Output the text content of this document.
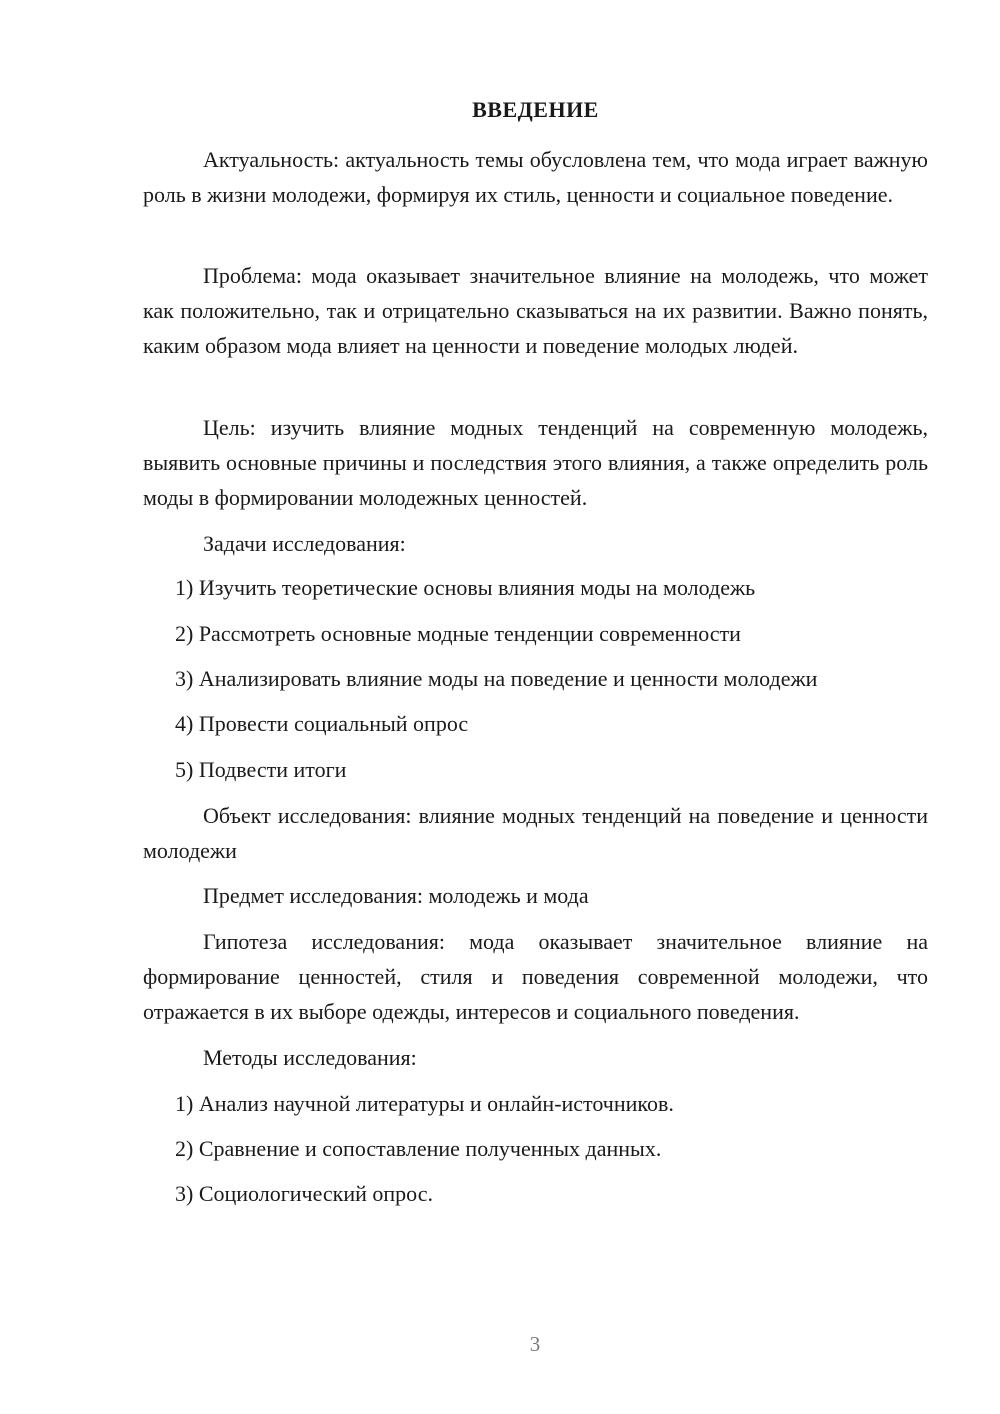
ВВЕДЕНИЕ

Актуальность: актуальность темы обусловлена тем, что мода играет важную роль в жизни молодежи, формируя их стиль, ценности и социальное поведение.

Проблема: мода оказывает значительное влияние на молодежь, что может как положительно, так и отрицательно сказываться на их развитии. Важно понять, каким образом мода влияет на ценности и поведение молодых людей.

Цель: изучить влияние модных тенденций на современную молодежь, выявить основные причины и последствия этого влияния, а также определить роль моды в формировании молодежных ценностей.

Задачи исследования:

1) Изучить теоретические основы влияния моды на молодежь

2) Рассмотреть основные модные тенденции современности

3) Анализировать влияние моды на поведение и ценности молодежи

4) Провести социальный опрос

5) Подвести итоги

Объект исследования: влияние модных тенденций на поведение и ценности молодежи

Предмет исследования: молодежь и мода

Гипотеза исследования: мода оказывает значительное влияние на формирование ценностей, стиля и поведения современной молодежи, что отражается в их выборе одежды, интересов и социального поведения.

Методы исследования:

1) Анализ научной литературы и онлайн-источников.

2) Сравнение и сопоставление полученных данных.

3) Социологический опрос.

3
